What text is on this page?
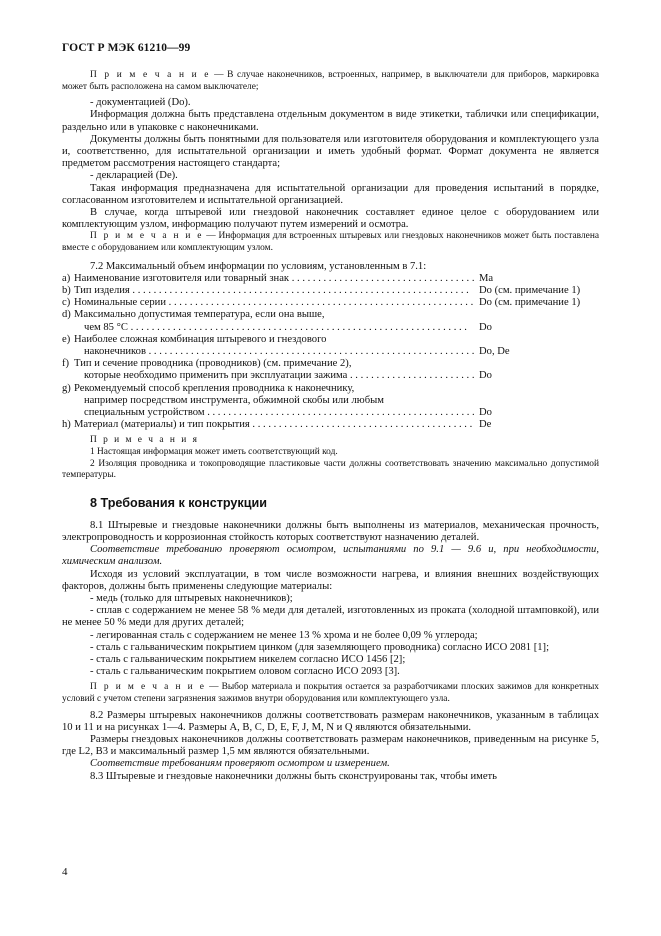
ГОСТ Р МЭК 61210—99

П р и м е ч а н и е — В случае наконечников, встроенных, например, в выключатели для приборов, маркировка может быть расположена на самом выключателе;

- документацией (Do).

Информация должна быть представлена отдельным документом в виде этикетки, таблички или спецификации, раздельно или в упаковке с наконечниками.

Документы должны быть понятными для пользователя или изготовителя оборудования и комплектующего узла и, соответственно, для испытательной организации и иметь удобный формат. Формат документа не является предметом рассмотрения настоящего стандарта;

- декларацией (De).

Такая информация предназначена для испытательной организации для проведения испытаний в порядке, согласованном изготовителем и испытательной организацией.

В случае, когда штыревой или гнездовой наконечник составляет единое целое с оборудованием или комплектующим узлом, информацию получают путем измерений и осмотра.

П р и м е ч а н и е — Информация для встроенных штыревых или гнездовых наконечников может быть поставлена вместе с оборудованием или комплектующим узлом.

7.2 Максимальный объем информации по условиям, установленным в 7.1:

a) Наименование изготовителя или товарный знак . . .	Ma
b) Тип изделия . . .	Do (см. примечание 1)
c) Номинальные серии . . .	Do (см. примечание 1)
d) Максимально допустимая температура, если она выше,
чем 85 °С . . .	Do
e) Наиболее сложная комбинация штыревого и гнездового
наконечников . . .	Do, De
f) Тип и сечение проводника (проводников) (см. примечание 2),
которые необходимо применить при эксплуатации зажима . . .	Do
g) Рекомендуемый способ крепления проводника к наконечнику,
например посредством инструмента, обжимной скобы или любым
специальным устройством . . .	Do
h) Материал (материалы) и тип покрытия . . .	De

П р и м е ч а н и я

1 Настоящая информация может иметь соответствующий код.

2 Изоляция проводника и токопроводящие пластиковые части должны соответствовать значению максимально допустимой температуры.

8 Требования к конструкции

8.1 Штыревые и гнездовые наконечники должны быть выполнены из материалов, механическая прочность, электропроводность и коррозионная стойкость которых соответствуют назначению деталей.

Соответствие требованию проверяют осмотром, испытаниями по 9.1 — 9.6 и, при необходимости, химическим анализом.

Исходя из условий эксплуатации, в том числе возможности нагрева, и влияния внешних воздействующих факторов, должны быть применены следующие материалы:

- медь (только для штыревых наконечников);

- сплав с содержанием не менее 58 % меди для деталей, изготовленных из проката (холодной штамповкой), или не менее 50 % меди для других деталей;

- легированная сталь с содержанием не менее 13 % хрома и не более 0,09 % углерода;

- сталь с гальваническим покрытием цинком (для заземляющего проводника) согласно ИСО 2081 [1];

- сталь с гальваническим покрытием никелем согласно ИСО 1456 [2];

- сталь с гальваническим покрытием оловом согласно ИСО 2093 [3].

П р и м е ч а н и е — Выбор материала и покрытия остается за разработчиками плоских зажимов для конкретных условий с учетом степени загрязнения зажимов внутри оборудования или комплектующего узла.

8.2 Размеры штыревых наконечников должны соответствовать размерам наконечников, указанным в таблицах 10 и 11 и на рисунках 1—4. Размеры A, B, C, D, E, F, J, M, N и Q являются обязательными.

Размеры гнездовых наконечников должны соответствовать размерам наконечников, приведенным на рисунке 5, где L2, B3 и максимальный размер 1,5 мм являются обязательными.

Соответствие требованиям проверяют осмотром и измерением.

8.3 Штыревые и гнездовые наконечники должны быть сконструированы так, чтобы иметь

4
